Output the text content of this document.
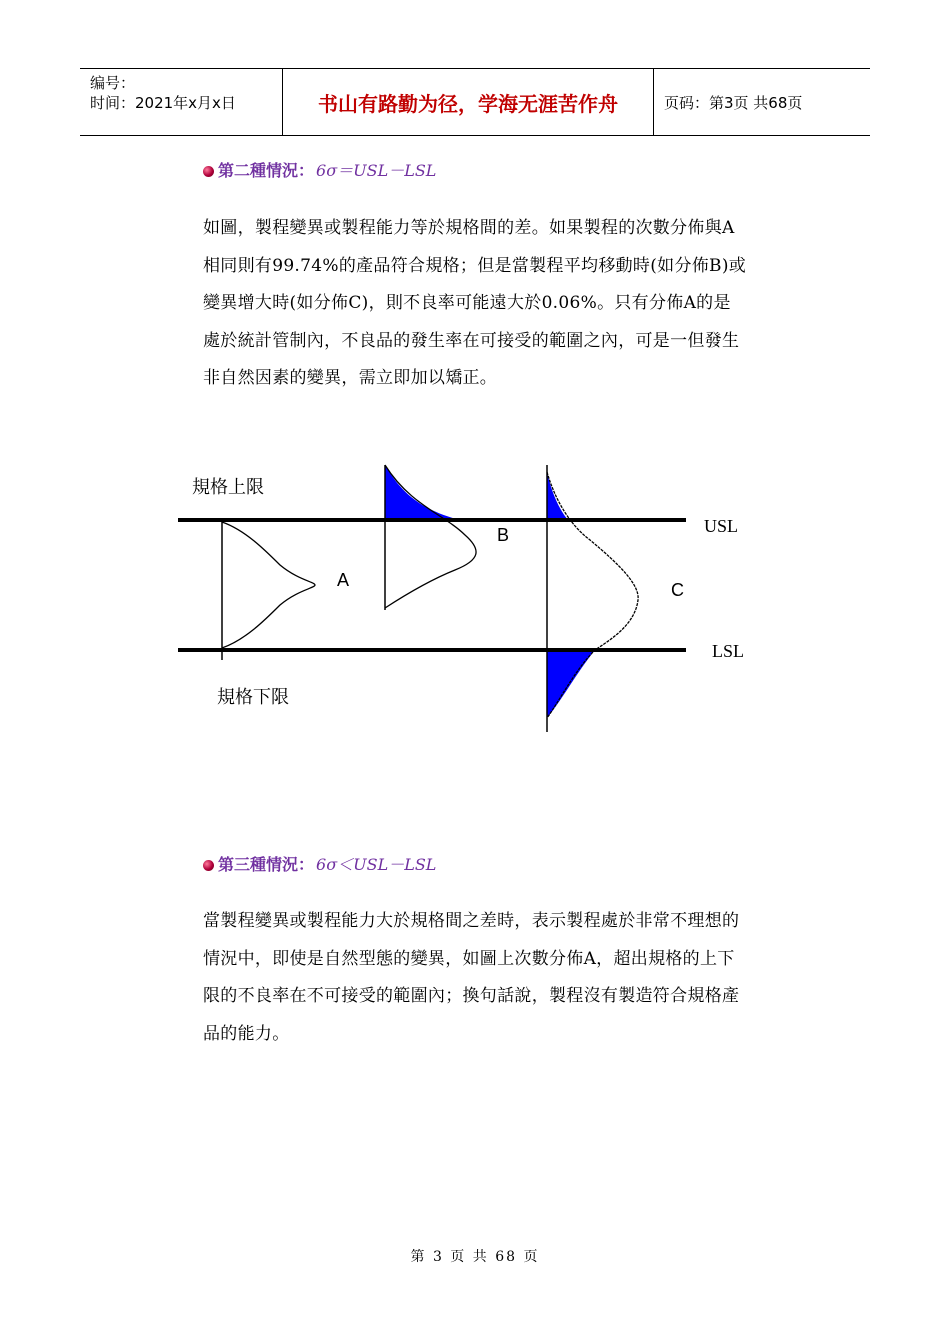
编号：
时间：2021年x月x日	书山有路勤为径，学海无涯苦作舟	页码：第3页 共68页
第二種情況： 6σ＝USL－LSL
如圖，製程變異或製程能力等於規格間的差。如果製程的次數分佈與A相同則有99.74%的產品符合規格；但是當製程平均移動時(如分佈B)或變異增大時(如分佈C)，則不良率可能遠大於0.06%。只有分佈A的是處於統計管制內，不良品的發生率在可接受的範圍之內，可是一但發生非自然因素的變異，需立即加以矯正。
規格上限
規格下限
USL
LSL
A
B
C
第三種情況： 6σ＜USL－LSL
當製程變異或製程能力大於規格間之差時，表示製程處於非常不理想的情況中，即使是自然型態的變異，如圖上次數分佈A，超出規格的上下限的不良率在不可接受的範圍內；換句話說，製程沒有製造符合規格產品的能力。
第 3 页 共 68 页
